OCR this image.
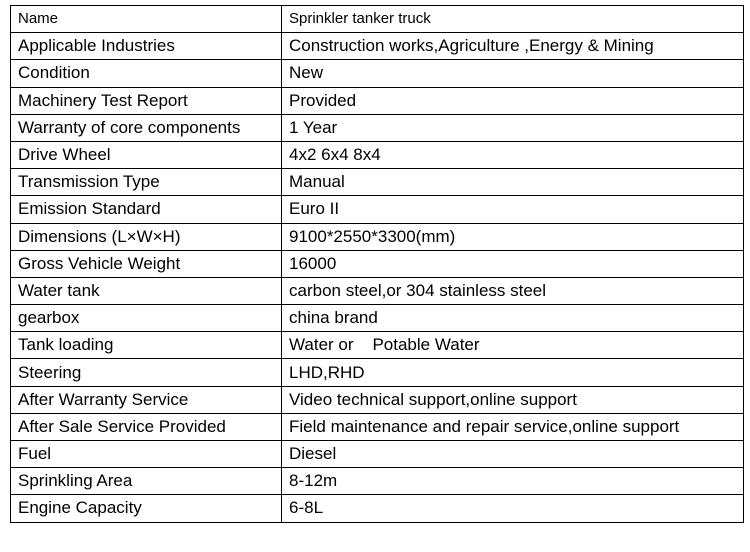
Name	Sprinkler tanker truck
Applicable Industries	Construction works,Agriculture ,Energy & Mining
Condition	New
Machinery Test Report	Provided
Warranty of core components	1 Year
Drive Wheel	4x2 6x4 8x4
Transmission Type	Manual
Emission Standard	Euro II
Dimensions (L×W×H)	9100*2550*3300(mm)
Gross Vehicle Weight	16000
Water tank	carbon steel,or 304 stainless steel
gearbox	china brand
Tank loading	Water or    Potable Water
Steering	LHD,RHD
After Warranty Service	Video technical support,online support
After Sale Service Provided	Field maintenance and repair service,online support
Fuel	Diesel
Sprinkling Area	8-12m
Engine Capacity	6-8L
